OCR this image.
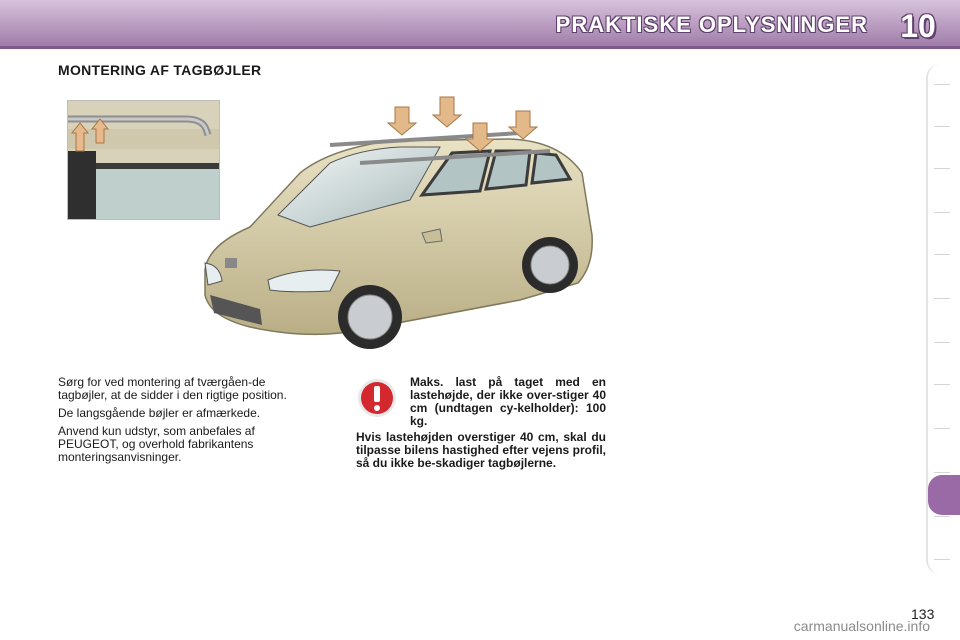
PRAKTISKE OPLYSNINGER 10
MONTERING AF TAGBØJLER

Sørg for ved montering af tværgåen-de tagbøjler, at de sidder i den rigtige position.

De langsgående bøjler er afmærkede.

Anvend kun udstyr, som anbefales af PEUGEOT, og overhold fabrikantens monteringsanvisninger.

Maks. last på taget med en lastehøjde, der ikke over-stiger 40 cm (undtagen cy-kelholder): 100 kg.
Hvis lastehøjden overstiger 40 cm, skal du tilpasse bilens hastighed efter vejens profil, så du ikke be-skadiger tagbøjlerne.
133
carmanualsonline.info
